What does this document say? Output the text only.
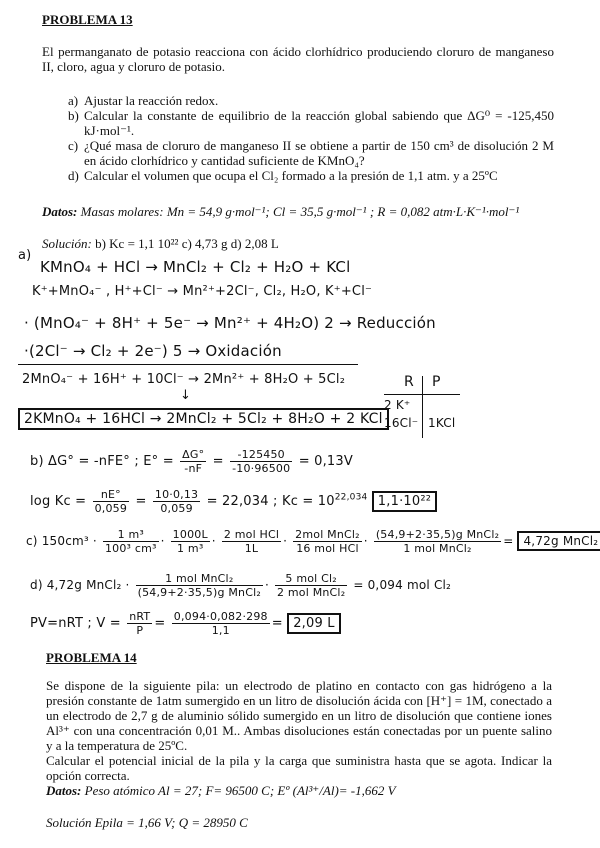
PROBLEMA 13
El permanganato de potasio reacciona con ácido clorhídrico produciendo cloruro de manganeso II, cloro, agua y cloruro de potasio.
a) Ajustar la reacción redox.
b) Calcular la constante de equilibrio de la reacción global sabiendo que ΔG⁰ = -125,450 kJ·mol⁻¹.
c) ¿Qué masa de cloruro de manganeso II se obtiene a partir de 150 cm³ de disolución 2 M en ácido clorhídrico y cantidad suficiente de KMnO₄?
d) Calcular el volumen que ocupa el Cl₂ formado a la presión de 1,1 atm. y a 25ºC
Datos: Masas molares: Mn = 54,9 g·mol⁻¹; Cl = 35,5 g·mol⁻¹ ; R = 0,082 atm·L·K⁻¹·mol⁻¹
Solución: b) Kc = 1,1 10²² c) 4,73 g d) 2,08 L
a)
KMnO₄ + HCl → MnCl₂ + Cl₂ + H₂O + KCl
K⁺+MnO₄⁻ , H⁺+Cl⁻ → Mn²⁺+2Cl⁻, Cl₂, H₂O, K⁺+Cl⁻
· (MnO₄⁻ + 8H⁺ + 5e⁻ → Mn²⁺ + 4H₂O) 2 → Reducción
·(2Cl⁻ → Cl₂ + 2e⁻) 5 → Oxidación
2MnO₄⁻ + 16H⁺ + 10Cl⁻ → 2Mn²⁺ + 8H₂O + 5Cl₂
↓
2KMnO₄ + 16HCl → 2MnCl₂ + 5Cl₂ + 8H₂O + 2 KCl
R P
2 K⁺
16Cl⁻ 1KCl
b) ΔG° = -nFE° ; $E^\circ = \frac{\Delta G^\circ}{-nF} = \frac{-125450}{-10\cdot 96500} = 0,13V$
$\log Kc = \frac{nE^\circ}{0,059} = \frac{10\cdot 0,13}{0,059} = 22,034$ ; $Kc = 10^{22,034}$ 1,1·10²²
c) $150cm^3 \cdot \frac{\text{1 m³}}{\text{100³ cm³}} \cdot \frac{1000L}{\text{1 m³}} \cdot \frac{\text{2 mol HCl}}{1L} \cdot \frac{\text{2mol MnCl₂}}{\text{16 mol HCl}} \cdot \frac{\text{(54,9+2·35,5)g MnCl₂}}{\text{1 mol MnCl₂}} = 4,72g$ MnCl₂
d) 4,72g MnCl₂ · $\frac{\text{1 mol MnCl₂}}{\text{(54,9+2·35,5)g MnCl₂}} \cdot \frac{\text{5 mol Cl₂}}{\text{2 mol MnCl₂}} = 0,094$ mol Cl₂
PV=nRT ; $V = \frac{\text{nRT}}{P} = \frac{0,094\cdot 0,082\cdot 298}{1,1} = 2,09$ L
PROBLEMA 14
Se dispone de la siguiente pila: un electrodo de platino en contacto con gas hidrógeno a la presión constante de 1atm sumergido en un litro de disolución ácida con [H⁺] = 1M, conectado a un electrodo de 2,7 g de aluminio sólido sumergido en un litro de disolución que contiene iones Al³⁺ con una concentración 0,01 M.. Ambas disoluciones están conectadas por un puente salino y a la temperatura de 25ºC.
Calcular el potencial inicial de la pila y la carga que suministra hasta que se agota. Indicar la opción correcta.
Datos: Peso atómico Al = 27; F= 96500 C; Eº (Al³⁺/Al)= -1,662 V
Solución Epila = 1,66 V; Q = 28950 C
